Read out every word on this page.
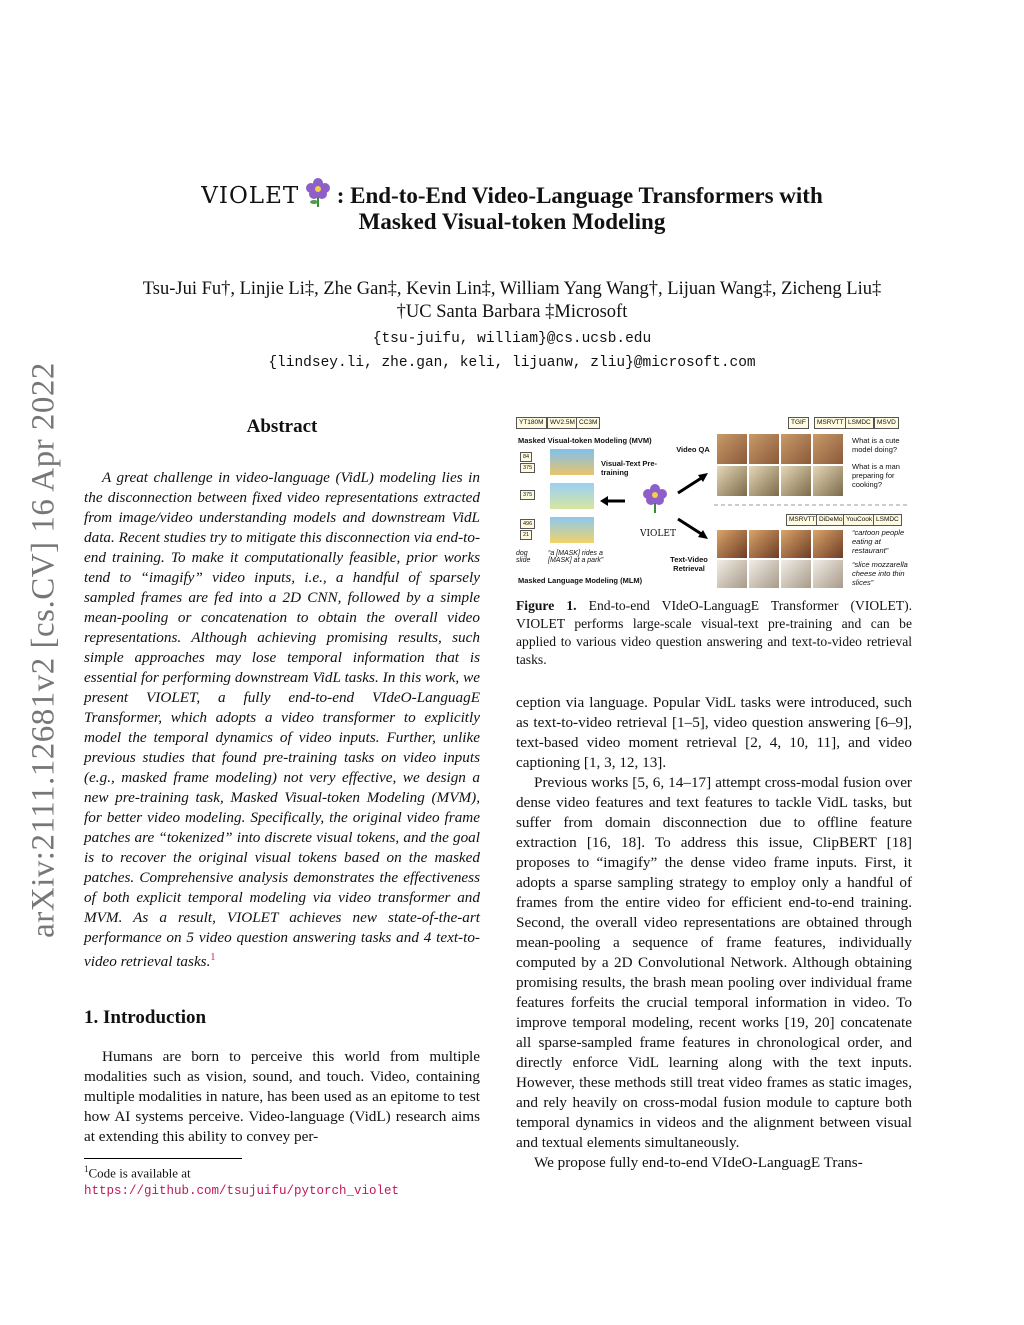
arXiv:2111.12681v2 [cs.CV] 16 Apr 2022
VIOLET : End-to-End Video-Language Transformers with
Masked Visual-token Modeling
Tsu-Jui Fu†, Linjie Li‡, Zhe Gan‡, Kevin Lin‡, William Yang Wang†, Lijuan Wang‡, Zicheng Liu‡
†UC Santa Barbara ‡Microsoft
{tsu-juifu, william}@cs.ucsb.edu
{lindsey.li, zhe.gan, keli, lijuanw, zliu}@microsoft.com
Abstract

A great challenge in video-language (VidL) modeling lies in the disconnection between fixed video representations extracted from image/video understanding models and downstream VidL data. Recent studies try to mitigate this disconnection via end-to-end training. To make it computationally feasible, prior works tend to “imagify” video inputs, i.e., a handful of sparsely sampled frames are fed into a 2D CNN, followed by a simple mean-pooling or concatenation to obtain the overall video representations. Although achieving promising results, such simple approaches may lose temporal information that is essential for performing downstream VidL tasks. In this work, we present VIOLET, a fully end-to-end VIdeO-LanguagE Transformer, which adopts a video transformer to explicitly model the temporal dynamics of video inputs. Further, unlike previous studies that found pre-training tasks on video inputs (e.g., masked frame modeling) not very effective, we design a new pre-training task, Masked Visual-token Modeling (MVM), for better video modeling. Specifically, the original video frame patches are “tokenized” into discrete visual tokens, and the goal is to recover the original visual tokens based on the masked patches. Comprehensive analysis demonstrates the effectiveness of both explicit temporal modeling via video transformer and MVM. As a result, VIOLET achieves new state-of-the-art performance on 5 video question answering tasks and 4 text-to-video retrieval tasks.$^1$

1. Introduction

Humans are born to perceive this world from multiple modalities such as vision, sound, and touch. Video, containing multiple modalities in nature, has been used as an epitome to test how AI systems perceive. Video-language (VidL) research aims at extending this ability to convey per-

$^1$Code is available at https://github.com/tsujuifu/pytorch_violet
YT180M WV2.5M CC3M	TGIF	MSRVTT LSMDC MSVD
Masked Visual-token Modeling (MVM)
84
375
375
496
21
Visual-Text Pre-training
Video QA
VIOLET
dog slide
“a [MASK] rides a [MASK] at a park”
Masked Language Modeling (MLM)
Text-Video Retrieval
What is a cute model doing?
What is a man preparing for cooking?
MSRVTT DiDeMo YouCook LSMDC
“cartoon people eating at restaurant”
“slice mozzarella cheese into thin slices”
Figure 1. End-to-end VIdeO-LanguagE Transformer (VIOLET). VIOLET performs large-scale visual-text pre-training and can be applied to various video question answering and text-to-video retrieval tasks.

ception via language. Popular VidL tasks were introduced, such as text-to-video retrieval [1–5], video question answering [6–9], text-based video moment retrieval [2, 4, 10, 11], and video captioning [1, 3, 12, 13].

Previous works [5, 6, 14–17] attempt cross-modal fusion over dense video features and text features to tackle VidL tasks, but suffer from domain disconnection due to offline feature extraction [16, 18]. To address this issue, ClipBERT [18] proposes to “imagify” the dense video frame inputs. First, it adopts a sparse sampling strategy to employ only a handful of frames from the entire video for efficient end-to-end training. Second, the overall video representations are obtained through mean-pooling a sequence of frame features, individually computed by a 2D Convolutional Network. Although obtaining promising results, the brash mean pooling over individual frame features forfeits the crucial temporal information in video. To improve temporal modeling, recent works [19, 20] concatenate all sparse-sampled frame features in chronological order, and directly enforce VidL learning along with the text inputs. However, these methods still treat video frames as static images, and rely heavily on cross-modal fusion module to capture both temporal dynamics in videos and the alignment between visual and textual elements simultaneously.

We propose fully end-to-end VIdeO-LanguagE Trans-
